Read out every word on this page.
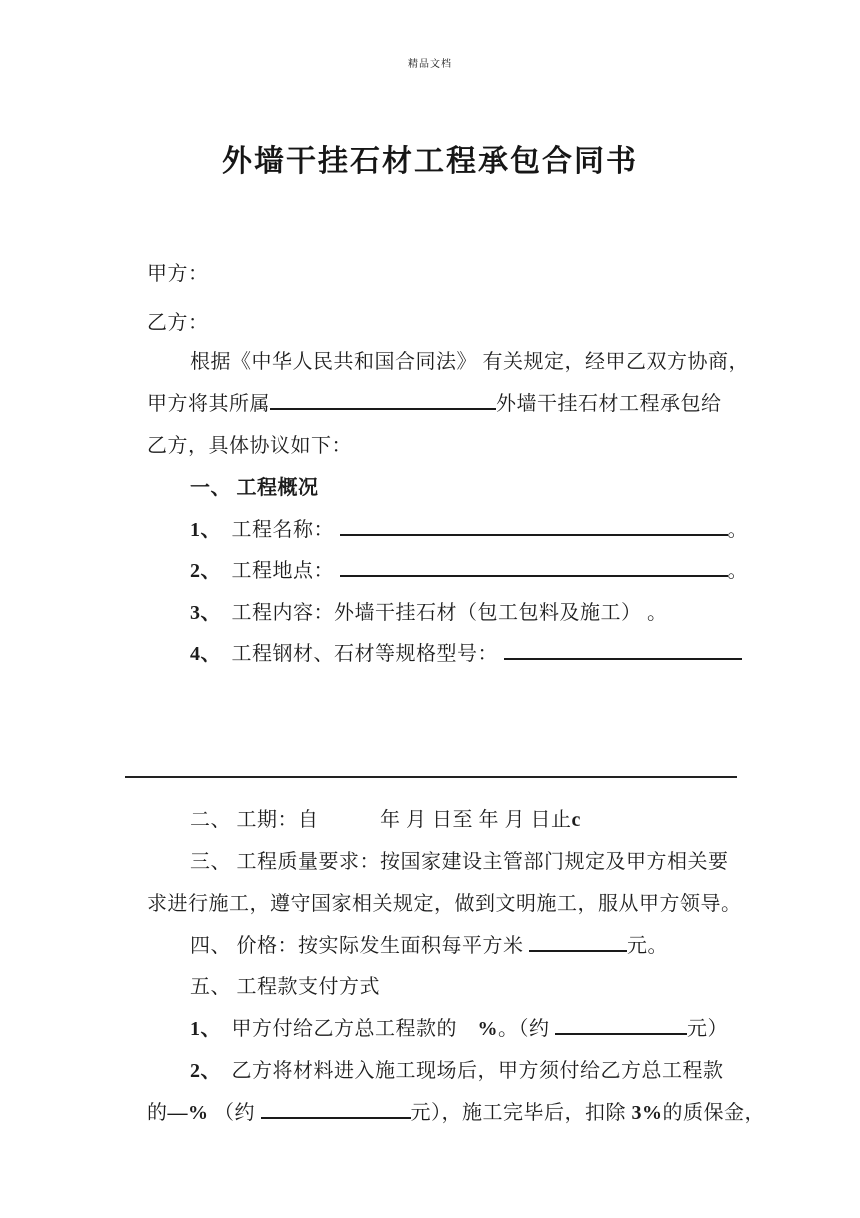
精品文档
外墙干挂石材工程承包合同书

甲方：

乙方：

根据《中华人民共和国合同法》 有关规定，经甲乙双方协商，

甲方将其所属	外墙干挂石材工程承包给

乙方，具体协议如下：

一、 工程概况

1、　工程名称：	。

2、　工程地点：	。

3、　工程内容：外墙干挂石材（包工包料及施工） 。

4、　工程钢材、石材等规格型号：

二、 工期：自　　　年 月 日至 年 月 日止c

三、 工程质量要求：按国家建设主管部门规定及甲方相关要

求进行施工，遵守国家相关规定，做到文明施工，服从甲方领导。

四、 价格：按实际发生面积每平方米	元。

五、 工程款支付方式

1、　甲方付给乙方总工程款的　%。（约	元）

2、　乙方将材料进入施工现场后，甲方须付给乙方总工程款

的—% （约	元），施工完毕后，扣除 3%的质保金，
